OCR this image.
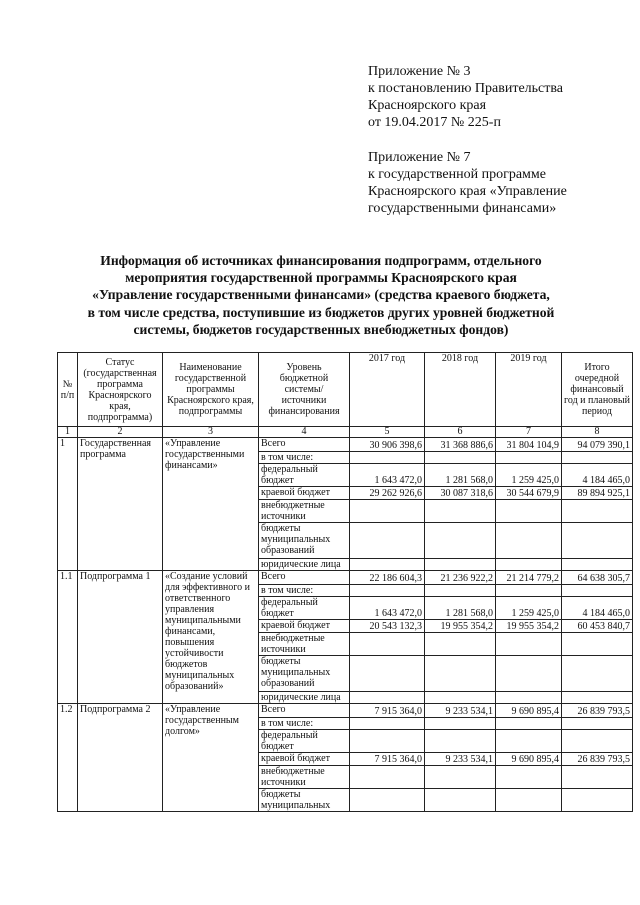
Приложение № 3
к постановлению Правительства
Красноярского края
от 19.04.2017 № 225-п
Приложение № 7
к государственной программе
Красноярского края «Управление
государственными финансами»
Информация об источниках финансирования подпрограмм, отдельного
мероприятия государственной программы Красноярского края
«Управление государственными финансами» (средства краевого бюджета,
в том числе средства, поступившие из бюджетов других уровней бюджетной
системы, бюджетов государственных внебюджетных фондов)
№ п/п	Статус (государственная программа Красноярского края, подпрограмма)	Наименование государственной программы Красноярского края, подпрограммы	Уровень бюджетной системы/ источники финансирования	2017 год	2018 год	2019 год	Итого очередной финансовый год и плановый период
1	2	3	4	5	6	7	8
1	Государственная программа	«Управление государственными финансами»	Всего	30 906 398,6	31 368 886,6	31 804 104,9	94 079 390,1
			в том числе:				
			федеральный бюджет	1 643 472,0	1 281 568,0	1 259 425,0	4 184 465,0
			краевой бюджет	29 262 926,6	30 087 318,6	30 544 679,9	89 894 925,1
			внебюджетные источники				
			бюджеты муниципальных образований				
			юридические лица				
1.1	Подпрограмма 1	«Создание условий для эффективного и ответственного управления муниципальными финансами, повышения устойчивости бюджетов муниципальных образований»	Всего	22 186 604,3	21 236 922,2	21 214 779,2	64 638 305,7
			в том числе:				
			федеральный бюджет	1 643 472,0	1 281 568,0	1 259 425,0	4 184 465,0
			краевой бюджет	20 543 132,3	19 955 354,2	19 955 354,2	60 453 840,7
			внебюджетные источники				
			бюджеты муниципальных образований				
			юридические лица				
1.2	Подпрограмма 2	«Управление государственным долгом»	Всего	7 915 364,0	9 233 534,1	9 690 895,4	26 839 793,5
			в том числе:				
			федеральный бюджет				
			краевой бюджет	7 915 364,0	9 233 534,1	9 690 895,4	26 839 793,5
			внебюджетные источники				
			бюджеты муниципальных				
